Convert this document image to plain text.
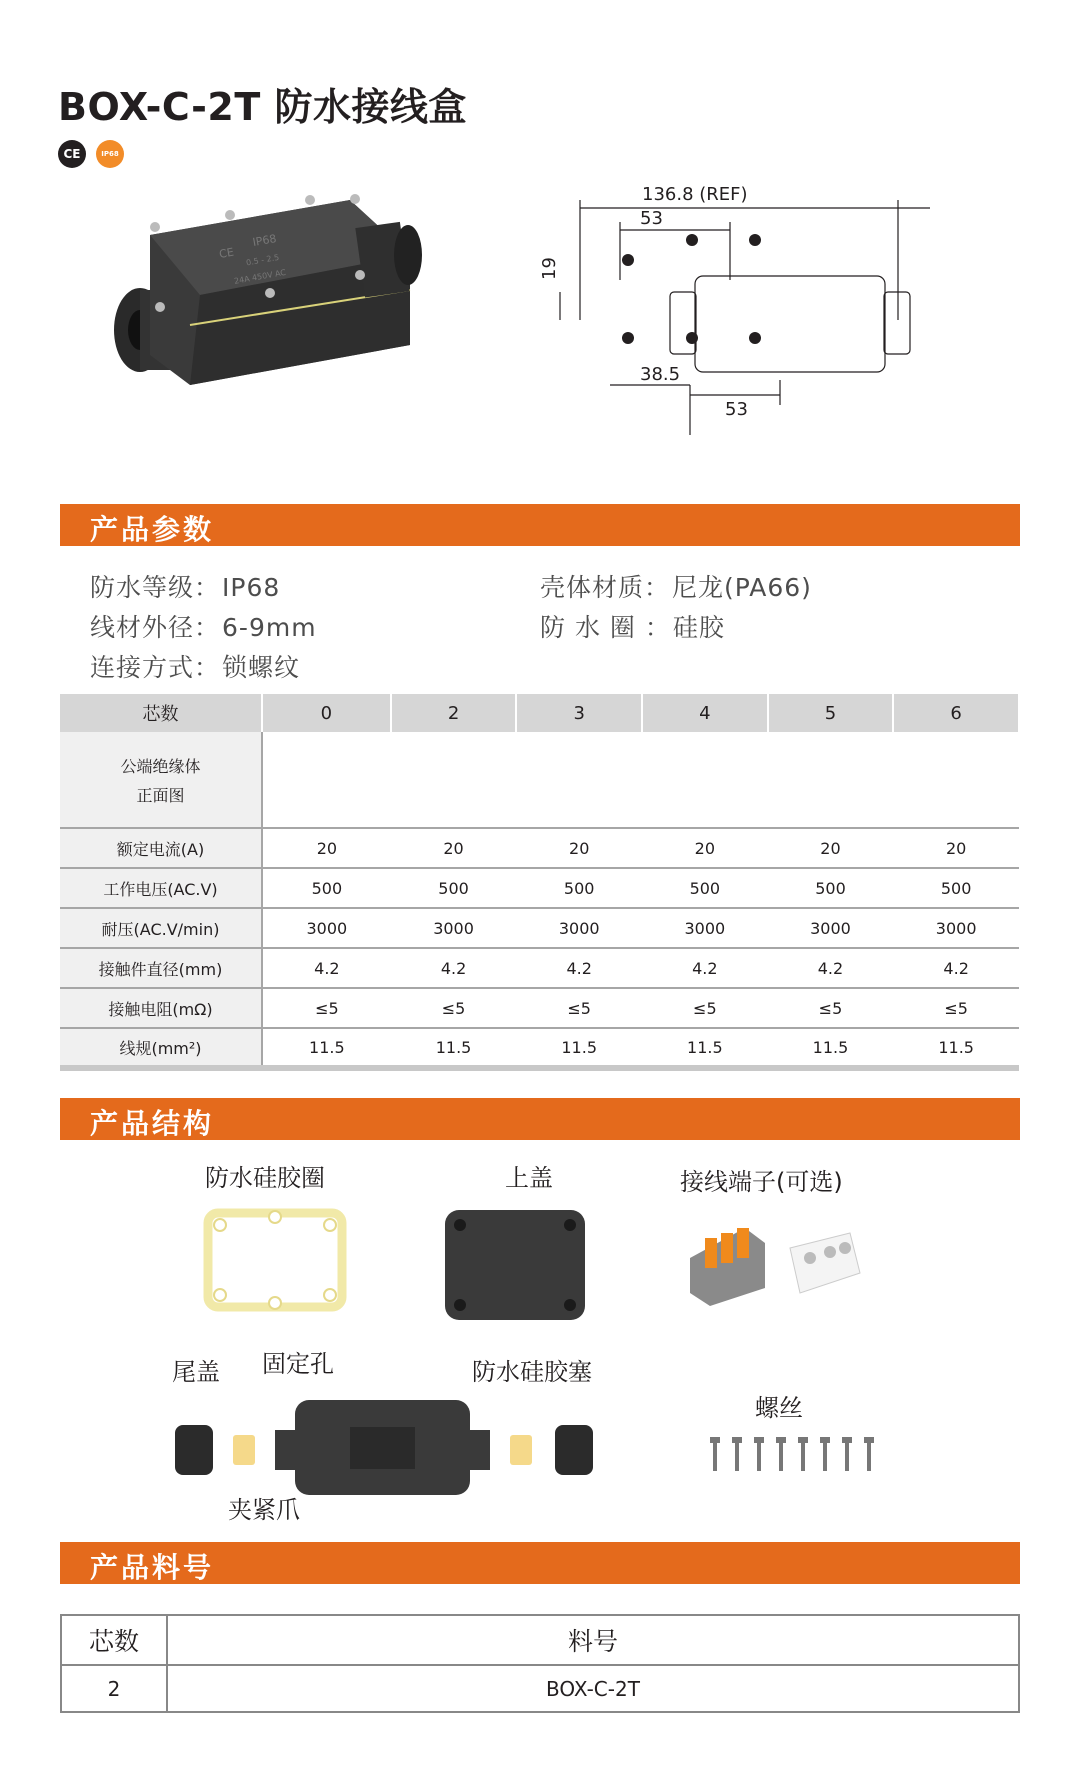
BOX-C-2T 防水接线盒
CE	IP68
CE
IP68
0.5 - 2.5
24A 450V AC
136.8 (REF)
53
19
38.5
53
产品参数
防水等级：IP68	壳体材质：尼龙(PA66)
线材外径：6-9mm	防 水 圈 ：硅胶
连接方式：锁螺纹
芯数	0	2	3	4	5	6

公端绝缘体
正面图						

额定电流(A)	20	20	20	20	20	20
工作电压(AC.V)	500	500	500	500	500	500
耐压(AC.V/min)	3000	3000	3000	3000	3000	3000
接触件直径(mm)	4.2	4.2	4.2	4.2	4.2	4.2
接触电阻(mΩ)	≤5	≤5	≤5	≤5	≤5	≤5
线规(mm²)	11.5	11.5	11.5	11.5	11.5	11.5
产品结构
防水硅胶圈	上盖	接线端子(可选)
尾盖 固定孔	防水硅胶塞
螺丝
夹紧爪
产品料号
芯数	料号
2	BOX-C-2T
